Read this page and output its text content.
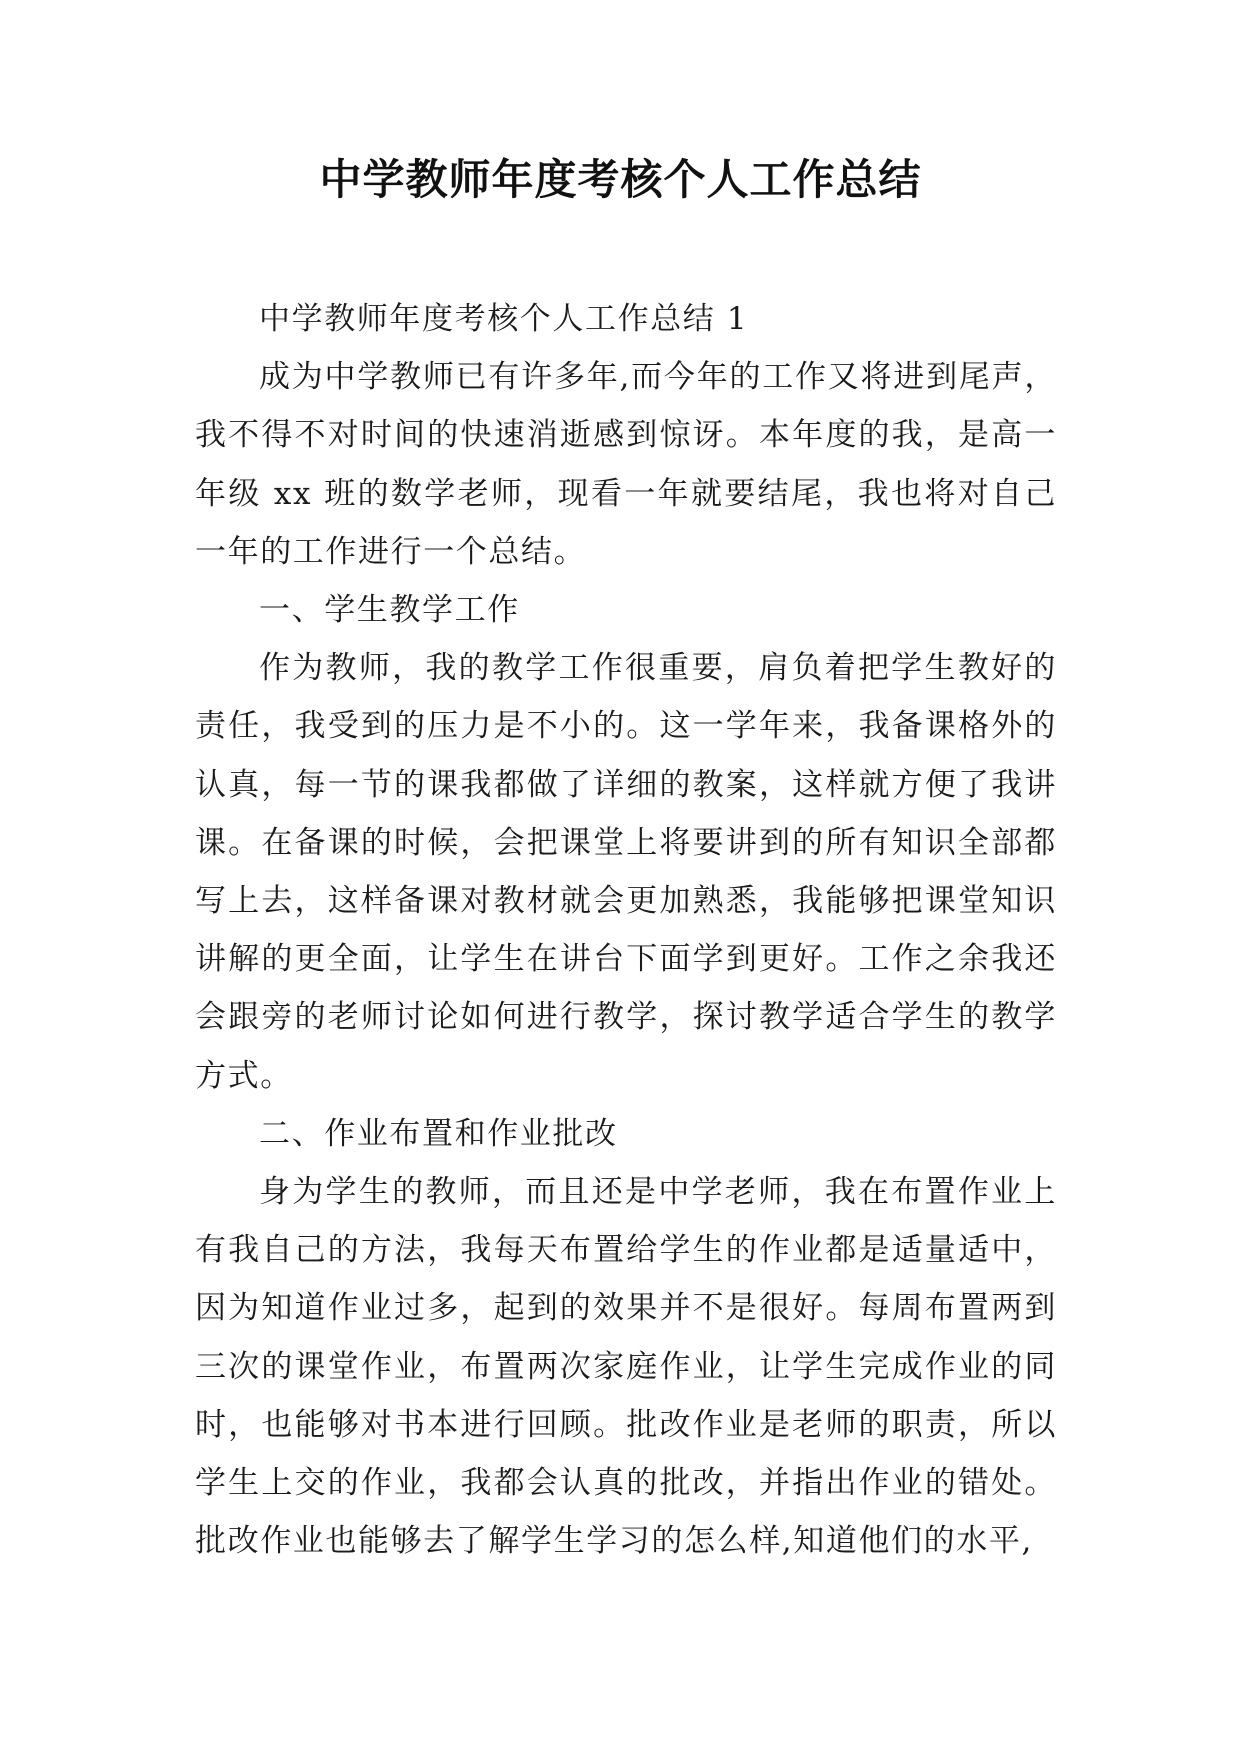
中学教师年度考核个人工作总结

中学教师年度考核个人工作总结 1

成为中学教师已有许多年,而今年的工作又将进到尾声，我不得不对时间的快速消逝感到惊讶。本年度的我，是高一年级 xx 班的数学老师，现看一年就要结尾，我也将对自己一年的工作进行一个总结。

一、学生教学工作

作为教师，我的教学工作很重要，肩负着把学生教好的责任，我受到的压力是不小的。这一学年来，我备课格外的认真，每一节的课我都做了详细的教案，这样就方便了我讲课。在备课的时候，会把课堂上将要讲到的所有知识全部都写上去，这样备课对教材就会更加熟悉，我能够把课堂知识讲解的更全面，让学生在讲台下面学到更好。工作之余我还会跟旁的老师讨论如何进行教学，探讨教学适合学生的教学方式。

二、作业布置和作业批改

身为学生的教师，而且还是中学老师，我在布置作业上有我自己的方法，我每天布置给学生的作业都是适量适中，因为知道作业过多，起到的效果并不是很好。每周布置两到三次的课堂作业，布置两次家庭作业，让学生完成作业的同时，也能够对书本进行回顾。批改作业是老师的职责，所以学生上交的作业，我都会认真的批改，并指出作业的错处。批改作业也能够去了解学生学习的怎么样,知道他们的水平,
